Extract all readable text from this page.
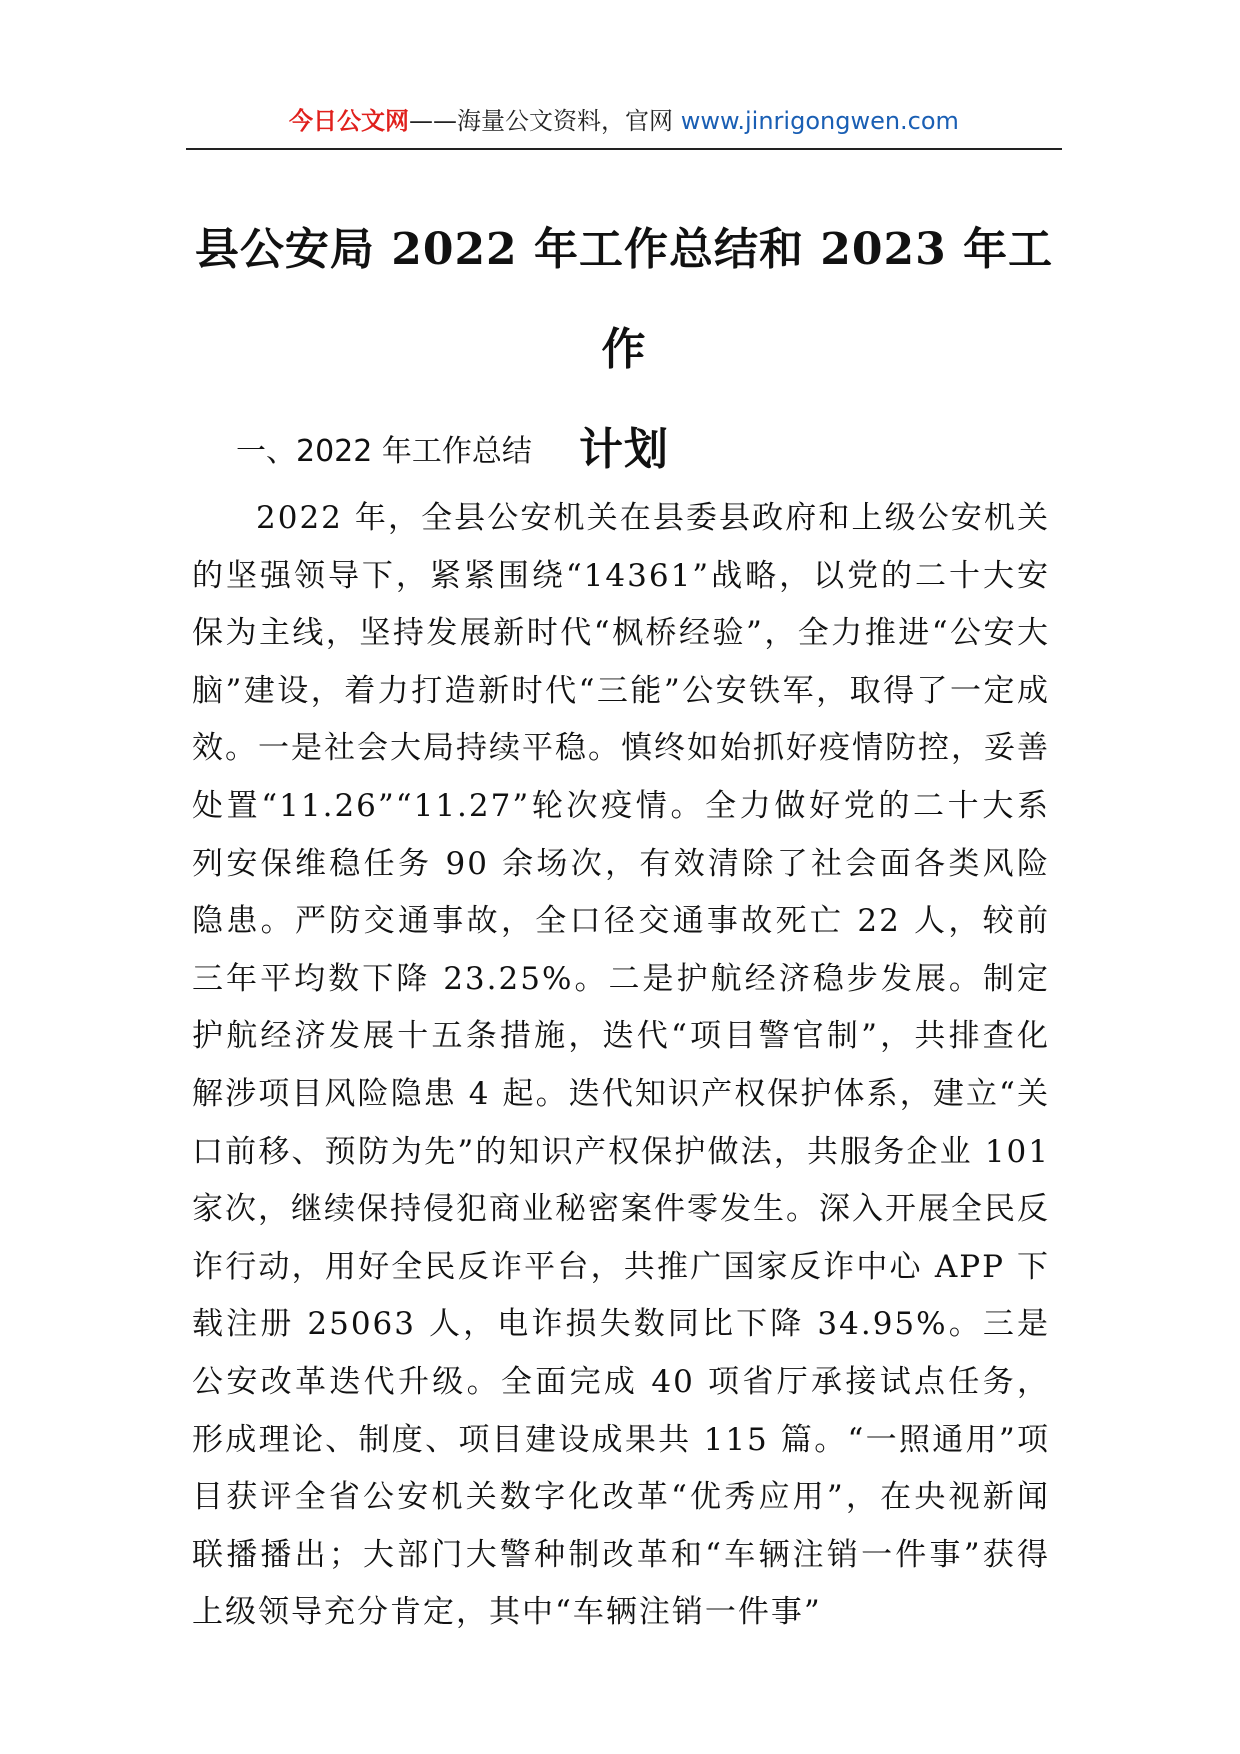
今日公文网——海量公文资料，官网 www.jinrigongwen.com
县公安局 2022 年工作总结和 2023 年工作
计划
一、2022 年工作总结
2022 年，全县公安机关在县委县政府和上级公安机关的坚强领导下，紧紧围绕“14361”战略，以党的二十大安保为主线，坚持发展新时代“枫桥经验”，全力推进“公安大脑”建设，着力打造新时代“三能”公安铁军，取得了一定成效。一是社会大局持续平稳。慎终如始抓好疫情防控，妥善处置“11.26”“11.27”轮次疫情。全力做好党的二十大系列安保维稳任务 90 余场次，有效清除了社会面各类风险隐患。严防交通事故，全口径交通事故死亡 22 人，较前三年平均数下降 23.25%。二是护航经济稳步发展。制定护航经济发展十五条措施，迭代“项目警官制”，共排查化解涉项目风险隐患 4 起。迭代知识产权保护体系，建立“关口前移、预防为先”的知识产权保护做法，共服务企业 101 家次，继续保持侵犯商业秘密案件零发生。深入开展全民反诈行动，用好全民反诈平台，共推广国家反诈中心 APP 下载注册 25063 人，电诈损失数同比下降 34.95%。三是公安改革迭代升级。全面完成 40 项省厅承接试点任务，形成理论、制度、项目建设成果共 115 篇。“一照通用”项目获评全省公安机关数字化改革“优秀应用”，在央视新闻联播播出；大部门大警种制改革和“车辆注销一件事”获得上级领导充分肯定，其中“车辆注销一件事”
